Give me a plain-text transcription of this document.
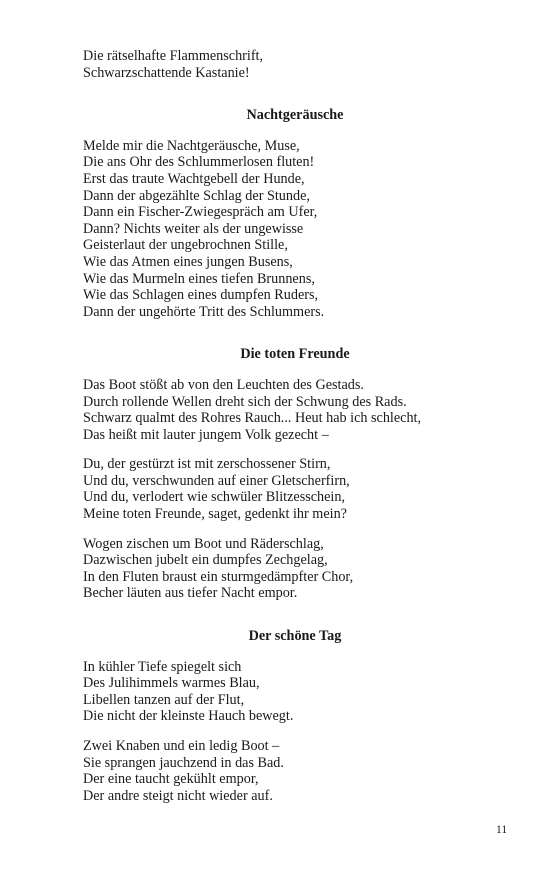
Die rätselhafte Flammenschrift,
Schwarzschattende Kastanie!
Nachtgeräusche
Melde mir die Nachtgeräusche, Muse,
Die ans Ohr des Schlummerlosen fluten!
Erst das traute Wachtgebell der Hunde,
Dann der abgezählte Schlag der Stunde,
Dann ein Fischer-Zwiegespräch am Ufer,
Dann? Nichts weiter als der ungewisse
Geisterlaut der ungebrochnen Stille,
Wie das Atmen eines jungen Busens,
Wie das Murmeln eines tiefen Brunnens,
Wie das Schlagen eines dumpfen Ruders,
Dann der ungehörte Tritt des Schlummers.
Die toten Freunde
Das Boot stößt ab von den Leuchten des Gestads.
Durch rollende Wellen dreht sich der Schwung des Rads.
Schwarz qualmt des Rohres Rauch... Heut hab ich schlecht,
Das heißt mit lauter jungem Volk gezecht –
Du, der gestürzt ist mit zerschossener Stirn,
Und du, verschwunden auf einer Gletscherfirn,
Und du, verlodert wie schwüler Blitzesschein,
Meine toten Freunde, saget, gedenkt ihr mein?
Wogen zischen um Boot und Räderschlag,
Dazwischen jubelt ein dumpfes Zechgelag,
In den Fluten braust ein sturmgedämpfter Chor,
Becher läuten aus tiefer Nacht empor.
Der schöne Tag
In kühler Tiefe spiegelt sich
Des Julihimmels warmes Blau,
Libellen tanzen auf der Flut,
Die nicht der kleinste Hauch bewegt.
Zwei Knaben und ein ledig Boot –
Sie sprangen jauchzend in das Bad.
Der eine taucht gekühlt empor,
Der andre steigt nicht wieder auf.
11
